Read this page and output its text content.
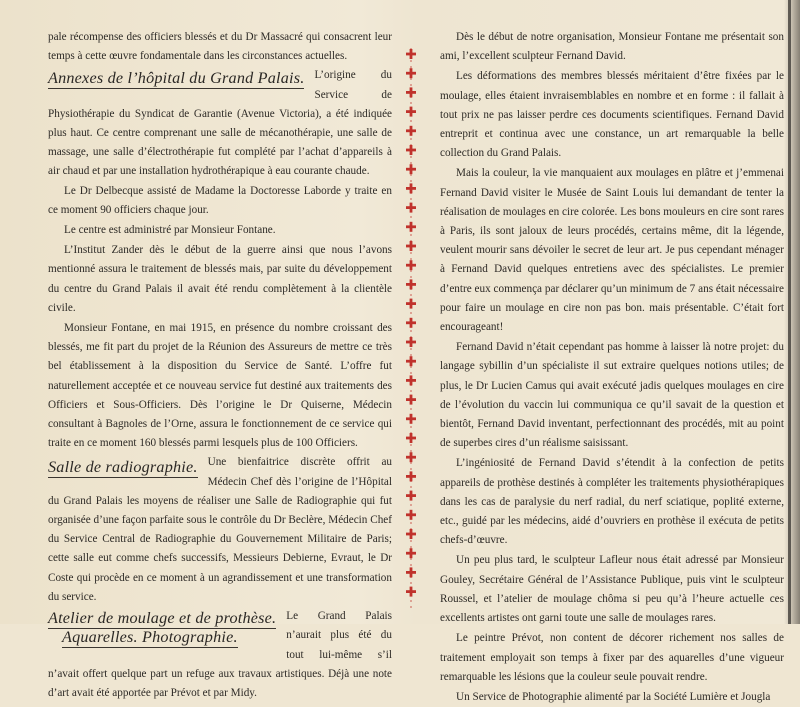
pale récompense des officiers blessés et du Dr Massacré qui consacrent leur temps à cette œuvre fondamentale dans les circonstances actuelles.

Annexes de l’hôpital du Grand Palais. L’origine du Service de Physiothérapie du Syndicat de Garantie (Avenue Victoria), a été indiquée plus haut. Ce centre comprenant une salle de mécanothérapie, une salle de massage, une salle d’électrothérapie fut complété par l’achat d’appareils à air chaud et par une installation hydrothérapique à eau courante chaude.

Le Dr Delbecque assisté de Madame la Doctoresse Laborde y traite en ce moment 90 officiers chaque jour.

Le centre est administré par Monsieur Fontane.

L’Institut Zander dès le début de la guerre ainsi que nous l’avons mentionné assura le traitement de blessés mais, par suite du développement du centre du Grand Palais il avait été rendu complètement à la clientèle civile.

Monsieur Fontane, en mai 1915, en présence du nombre croissant des blessés, me fit part du projet de la Réunion des Assureurs de mettre ce très bel établissement à la disposition du Service de Santé. L’offre fut naturellement acceptée et ce nouveau service fut destiné aux traitements des Officiers et Sous-Officiers. Dès l’origine le Dr Quiserne, Médecin consultant à Bagnoles de l’Orne, assura le fonctionnement de ce service qui traite en ce moment 160 blessés parmi lesquels plus de 100 Officiers.

Salle de radiographie. Une bienfaitrice discrète offrit au Médecin Chef dès l’origine de l’Hôpital du Grand Palais les moyens de réaliser une Salle de Radiographie qui fut organisée d’une façon parfaite sous le contrôle du Dr Beclère, Médecin Chef du Service Central de Radiographie du Gouvernement Militaire de Paris; cette salle eut comme chefs successifs, Messieurs Debierne, Evraut, le Dr Coste qui procède en ce moment à un agrandissement et une transformation du service.

Atelier de moulage et de prothèse.
Aquarelles. Photographie.

Le Grand Palais n’aurait plus été du tout lui-même s’il n’avait offert quelque part un refuge aux travaux artistiques. Déjà une note d’art avait été apportée par Prévot et par Midy.

Dès le début de notre organisation, Monsieur Fontane me présentait son ami, l’excellent sculpteur Fernand David.

Les déformations des membres blessés méritaient d’être fixées par le moulage, elles étaient invraisemblables en nombre et en forme : il fallait à tout prix ne pas laisser perdre ces documents scientifiques. Fernand David entreprit et continua avec une constance, un art remarquable la belle collection du Grand Palais.

Mais la couleur, la vie manquaient aux moulages en plâtre et j’emmenai Fernand David visiter le Musée de Saint Louis lui demandant de tenter la réalisation de moulages en cire colorée. Les bons mouleurs en cire sont rares à Paris, ils sont jaloux de leurs procédés, certains même, dit la légende, veulent mourir sans dévoiler le secret de leur art. Je pus cependant ménager à Fernand David quelques entretiens avec des spécialistes. Le premier d’entre eux commença par déclarer qu’un minimum de 7 ans était nécessaire pour faire un moulage en cire non pas bon. mais présentable. C’était fort encourageant!

Fernand David n’était cependant pas homme à laisser là notre projet: du langage sybillin d’un spécialiste il sut extraire quelques notions utiles; de plus, le Dr Lucien Camus qui avait exécuté jadis quelques moulages en cire de l’évolution du vaccin lui communiqua ce qu’il savait de la question et bientôt, Fernand David inventant, perfectionnant des procédés, mit au point de superbes cires d’un réalisme saisissant.

L’ingéniosité de Fernand David s’étendit à la confection de petits appareils de prothèse destinés à compléter les traitements physiothérapiques dans les cas de paralysie du nerf radial, du nerf sciatique, poplité externe, etc., guidé par les médecins, aidé d’ouvriers en prothèse il exécuta de petits chefs-d’œuvre.

Un peu plus tard, le sculpteur Lafleur nous était adressé par Monsieur Gouley, Secrétaire Général de l’Assistance Publique, puis vint le sculpteur Roussel, et l’atelier de moulage chôma si peu qu’à l’heure actuelle ces excellents artistes ont garni toute une salle de moulages rares.

Le peintre Prévot, non content de décorer richement nos salles de traitement employait son temps à fixer par des aquarelles d’une vigueur remarquable les lésions que la couleur seule pouvait rendre.

Un Service de Photographie alimenté par la Société Lumière et Jougla
